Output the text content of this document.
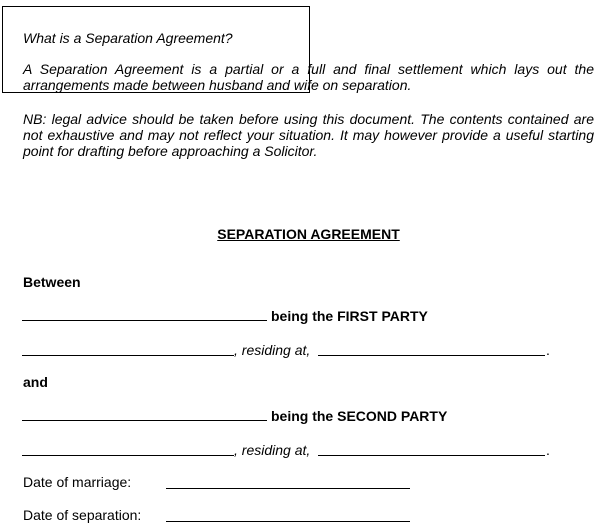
What is a Separation Agreement?
A Separation Agreement is a partial or a full and final settlement which lays out the arrangements made between husband and wife on separation.
NB: legal advice should be taken before using this document. The contents contained are not exhaustive and may not reflect your situation. It may however provide a useful starting point for drafting before approaching a Solicitor.
SEPARATION AGREEMENT
Between
being the FIRST PARTY
, residing at,	.
and
being the SECOND PARTY
, residing at,	.
Date of marriage:
Date of separation:
